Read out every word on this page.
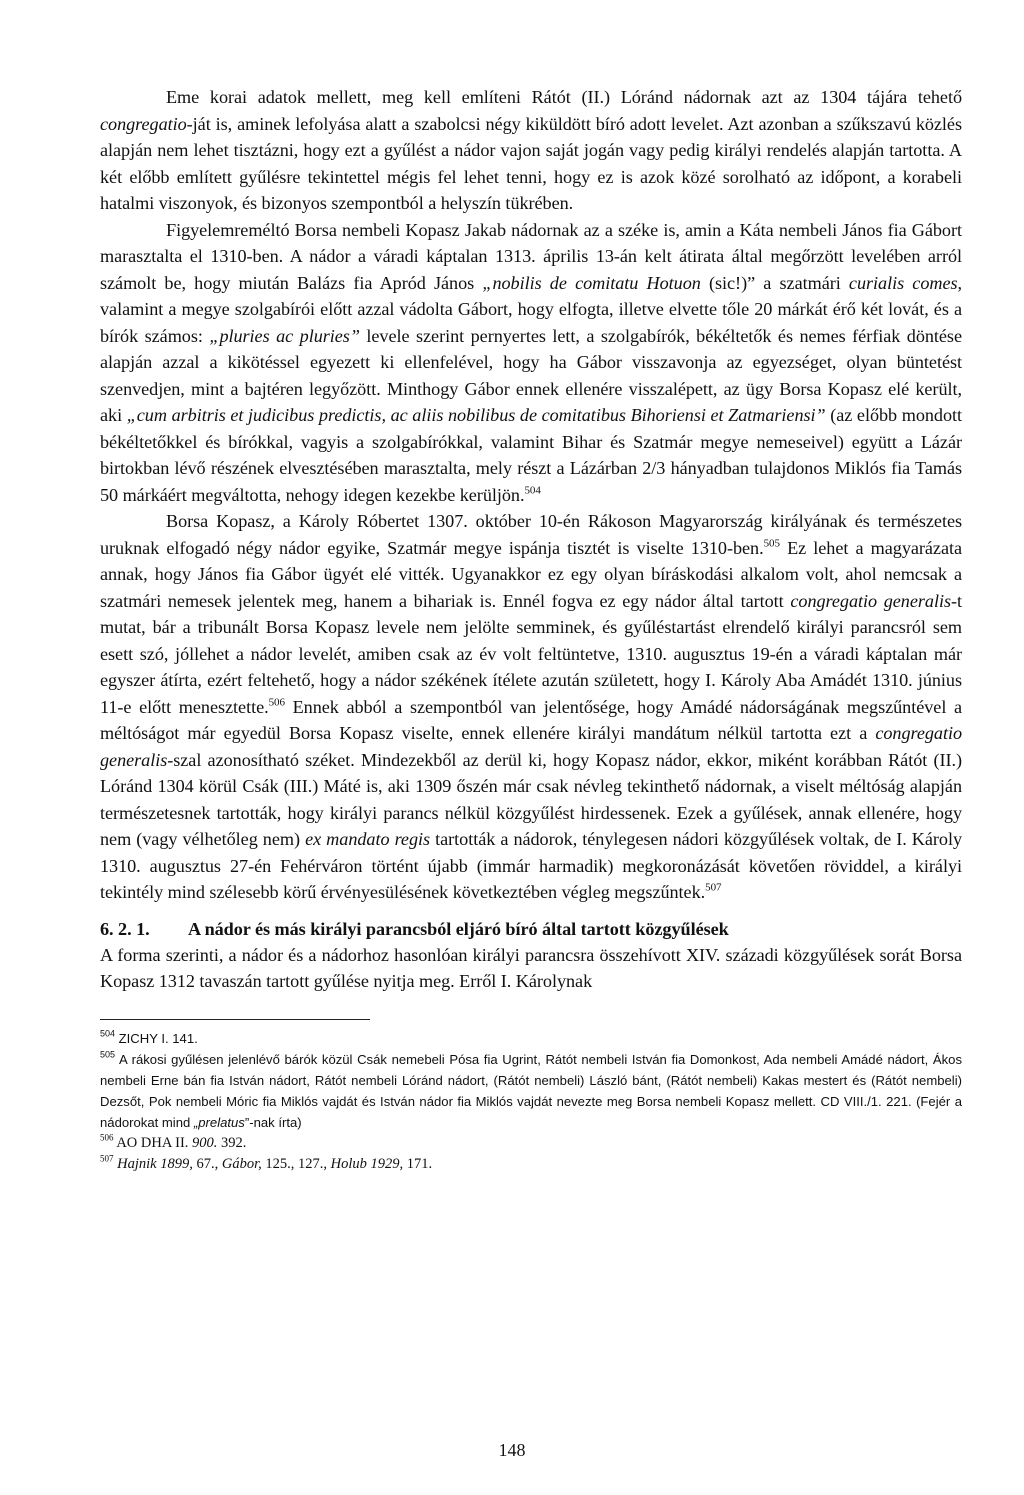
Eme korai adatok mellett, meg kell említeni Rátót (II.) Lóránd nádornak azt az 1304 tájára tehető congregatio-ját is, aminek lefolyása alatt a szabolcsi négy kiküldött bíró adott levelet. Azt azonban a szűkszavú közlés alapján nem lehet tisztázni, hogy ezt a gyűlést a nádor vajon saját jogán vagy pedig királyi rendelés alapján tartotta. A két előbb említett gyűlésre tekintettel mégis fel lehet tenni, hogy ez is azok közé sorolható az időpont, a korabeli hatalmi viszonyok, és bizonyos szempontból a helyszín tükrében.

Figyelemreméltó Borsa nembeli Kopasz Jakab nádornak az a széke is, amin a Káta nembeli János fia Gábort marasztalta el 1310-ben. A nádor a váradi káptalan 1313. április 13-án kelt átirata által megőrzött levelében arról számolt be, hogy miután Balázs fia Apród János „nobilis de comitatu Hotuon (sic!)” a szatmári curialis comes, valamint a megye szolgabírói előtt azzal vádolta Gábort, hogy elfogta, illetve elvette tőle 20 márkát érő két lovát, és a bírók számos: „pluries ac pluries” levele szerint pernyertes lett, a szolgabírók, békéltetők és nemes férfiak döntése alapján azzal a kikötéssel egyezett ki ellenfelével, hogy ha Gábor visszavonja az egyezséget, olyan büntetést szenvedjen, mint a bajtéren legyőzött. Minthogy Gábor ennek ellenére visszalépett, az ügy Borsa Kopasz elé került, aki „cum arbitris et judicibus predictis, ac aliis nobilibus de comitatibus Bihoriensi et Zatmariensi” (az előbb mondott békéltetőkkel és bírókkal, vagyis a szolgabírókkal, valamint Bihar és Szatmár megye nemeseivel) együtt a Lázár birtokban lévő részének elvesztésében marasztalta, mely részt a Lázárban 2/3 hányadban tulajdonos Miklós fia Tamás 50 márkáért megváltotta, nehogy idegen kezekbe kerüljön.$^{504}$

Borsa Kopasz, a Károly Róbertet 1307. október 10-én Rákoson Magyarország királyának és természetes uruknak elfogadó négy nádor egyike, Szatmár megye ispánja tisztét is viselte 1310-ben.$^{505}$ Ez lehet a magyarázata annak, hogy János fia Gábor ügyét elé vitték. Ugyanakkor ez egy olyan bíráskodási alkalom volt, ahol nemcsak a szatmári nemesek jelentek meg, hanem a bihariak is. Ennél fogva ez egy nádor által tartott congregatio generalis-t mutat, bár a tribunált Borsa Kopasz levele nem jelölte semminek, és gyűléstartást elrendelő királyi parancsról sem esett szó, jóllehet a nádor levelét, amiben csak az év volt feltüntetve, 1310. augusztus 19-én a váradi káptalan már egyszer átírta, ezért feltehető, hogy a nádor székének ítélete azután született, hogy I. Károly Aba Amádét 1310. június 11-e előtt menesztette.$^{506}$ Ennek abból a szempontból van jelentősége, hogy Amádé nádorságának megszűntével a méltóságot már egyedül Borsa Kopasz viselte, ennek ellenére királyi mandátum nélkül tartotta ezt a congregatio generalis-szal azonosítható széket. Mindezekből az derül ki, hogy Kopasz nádor, ekkor, miként korábban Rátót (II.) Lóránd 1304 körül Csák (III.) Máté is, aki 1309 őszén már csak névleg tekinthető nádornak, a viselt méltóság alapján természetesnek tartották, hogy királyi parancs nélkül közgyűlést hirdessenek. Ezek a gyűlések, annak ellenére, hogy nem (vagy vélhetőleg nem) ex mandato regis tartották a nádorok, ténylegesen nádori közgyűlések voltak, de I. Károly 1310. augusztus 27-én Fehérváron történt újabb (immár harmadik) megkoronázását követően röviddel, a királyi tekintély mind szélesebb körű érvényesülésének következtében végleg megszűntek.$^{507}$

6. 2. 1. A nádor és más királyi parancsból eljáró bíró által tartott közgyűlések

A forma szerinti, a nádor és a nádorhoz hasonlóan királyi parancsra összehívott XIV. századi közgyűlések sorát Borsa Kopasz 1312 tavaszán tartott gyűlése nyitja meg. Erről I. Károlynak

$^{504}$ ZICHY I. 141.

$^{505}$ A rákosi gyűlésen jelenlévő bárók közül Csák nemebeli Pósa fia Ugrint, Rátót nembeli István fia Domonkost, Ada nembeli Amádé nádort, Ákos nembeli Erne bán fia István nádort, Rátót nembeli Lóránd nádort, (Rátót nembeli) László bánt, (Rátót nembeli) Kakas mestert és (Rátót nembeli) Dezsőt, Pok nembeli Móric fia Miklós vajdát és István nádor fia Miklós vajdát nevezte meg Borsa nembeli Kopasz mellett. CD VIII./1. 221. (Fejér a nádorokat mind „prelatus”-nak írta)

$^{506}$ AO DHA II. 900. 392.

$^{507}$ Hajnik 1899, 67., Gábor, 125., 127., Holub 1929, 171.

148
